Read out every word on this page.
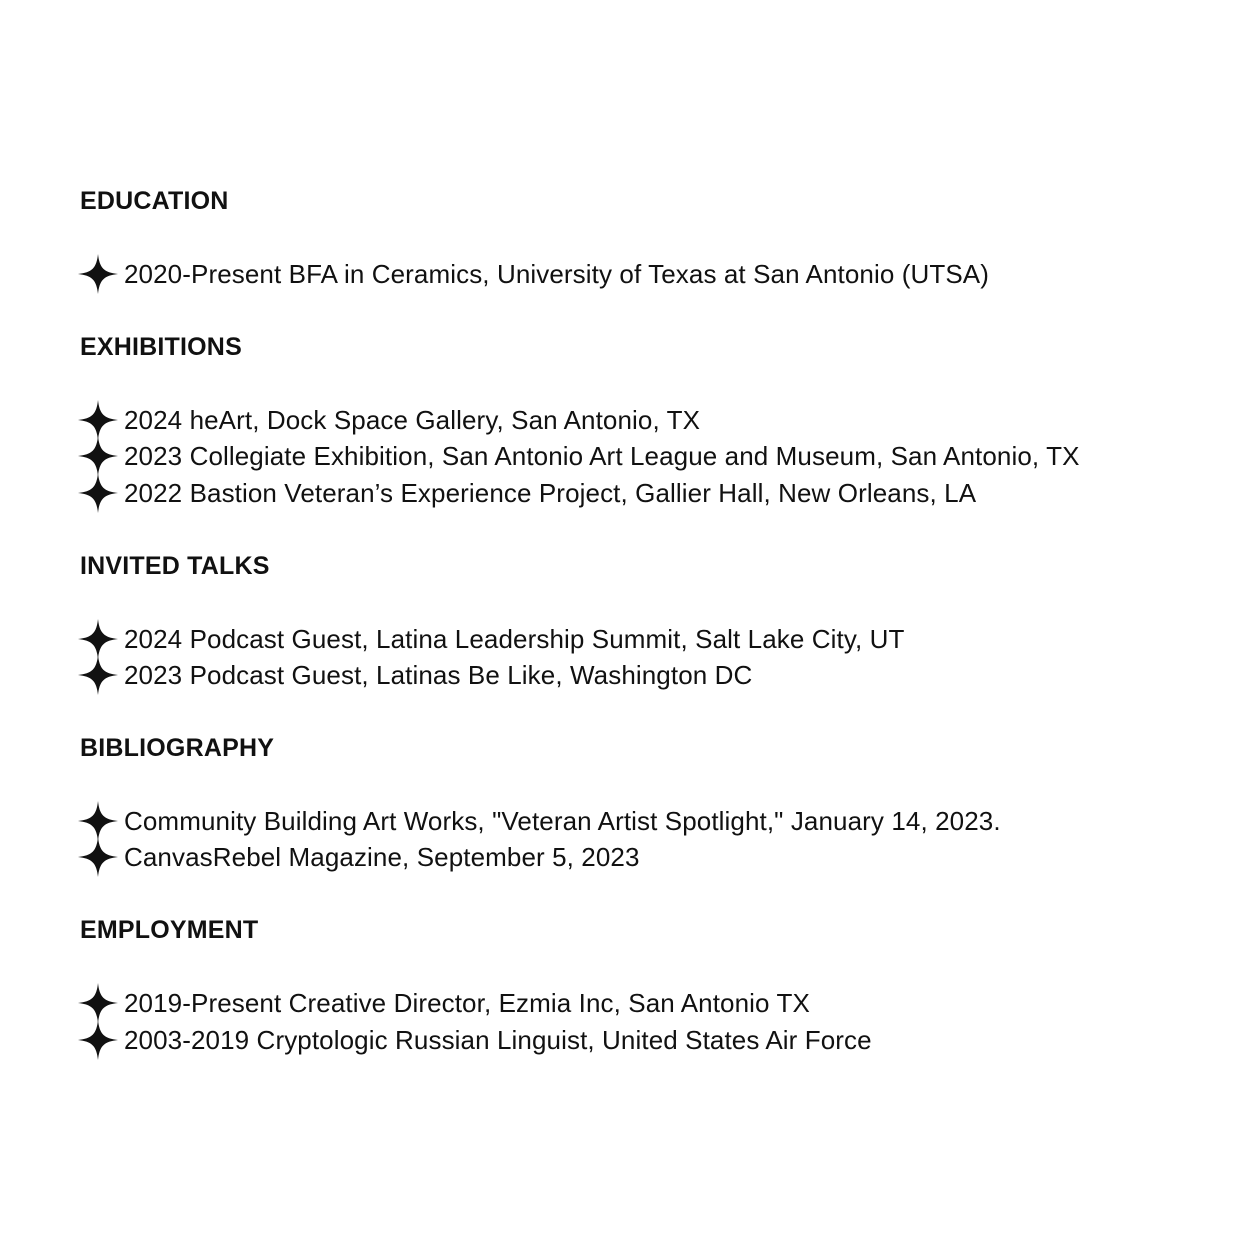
EDUCATION
2020-Present BFA in Ceramics, University of Texas at San Antonio (UTSA)
EXHIBITIONS
2024 heArt, Dock Space Gallery, San Antonio, TX
2023 Collegiate Exhibition, San Antonio Art League and Museum, San Antonio, TX
2022 Bastion Veteran’s Experience Project, Gallier Hall, New Orleans, LA
INVITED TALKS
2024 Podcast Guest, Latina Leadership Summit, Salt Lake City, UT
2023 Podcast Guest, Latinas Be Like, Washington DC
BIBLIOGRAPHY
Community Building Art Works, "Veteran Artist Spotlight," January 14, 2023.
CanvasRebel Magazine, September 5, 2023
EMPLOYMENT
2019-Present Creative Director, Ezmia Inc, San Antonio TX
2003-2019 Cryptologic Russian Linguist, United States Air Force
